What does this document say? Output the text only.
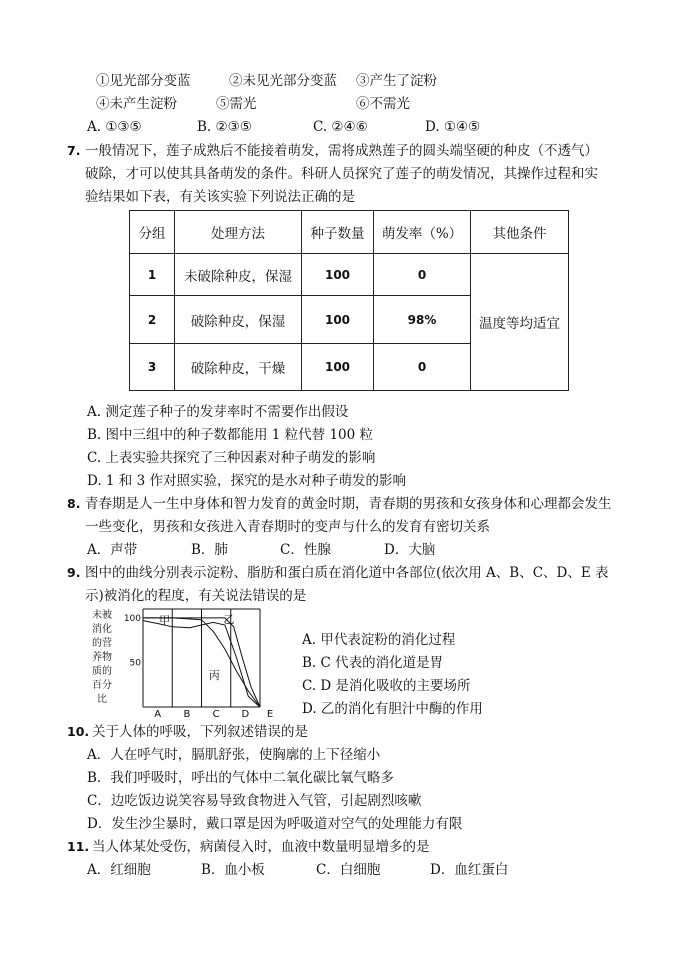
①见光部分变蓝	②未见光部分变蓝 ③产生了淀粉
④未产生淀粉	⑤需光	⑥不需光
A. ①③⑤	B. ②③⑤	C. ②④⑥	D. ①④⑤
7. 一般情况下，莲子成熟后不能接着萌发，需将成熟莲子的圆头端坚硬的种皮（不透气）
破除，才可以使其具备萌发的条件。科研人员探究了莲子的萌发情况，其操作过程和实
验结果如下表，有关该实验下列说法正确的是
分组	处理方法	种子数量	萌发率（%）	其他条件
1	未破除种皮，保湿	100	0	温度等均适宜
2	破除种皮，保湿	100	98%	
3	破除种皮，干燥	100	0	
A. 测定莲子种子的发芽率时不需要作出假设
B. 图中三组中的种子数都能用 1 粒代替 100 粒
C. 上表实验共探究了三种因素对种子萌发的影响
D. 1 和 3 作对照实验，探究的是水对种子萌发的影响
8. 青春期是人一生中身体和智力发育的黄金时期，青春期的男孩和女孩身体和心理都会发生
一些变化，男孩和女孩进入青春期时的变声与什么的发育有密切关系
A．声带	B．肺	C．性腺	D．大脑
9. 图中的曲线分别表示淀粉、脂肪和蛋白质在消化道中各部位(依次用 A、B、C、D、E 表
示)被消化的程度，有关说法错误的是
未被
消化
的营
养物
质的
百分
比
100
50
甲	乙
丙
A B C D E
A. 甲代表淀粉的消化过程
B. C 代表的消化道是胃
C. D 是消化吸收的主要场所
D. 乙的消化有胆汁中酶的作用
10. 关于人体的呼吸，下列叙述错误的是
A．人在呼气时，膈肌舒张，使胸廓的上下径缩小
B．我们呼吸时，呼出的气体中二氧化碳比氧气略多
C．边吃饭边说笑容易导致食物进入气管，引起剧烈咳嗽
D．发生沙尘暴时，戴口罩是因为呼吸道对空气的处理能力有限
11. 当人体某处受伤，病菌侵入时，血液中数量明显增多的是
A．红细胞	B．血小板	C．白细胞	D．血红蛋白
